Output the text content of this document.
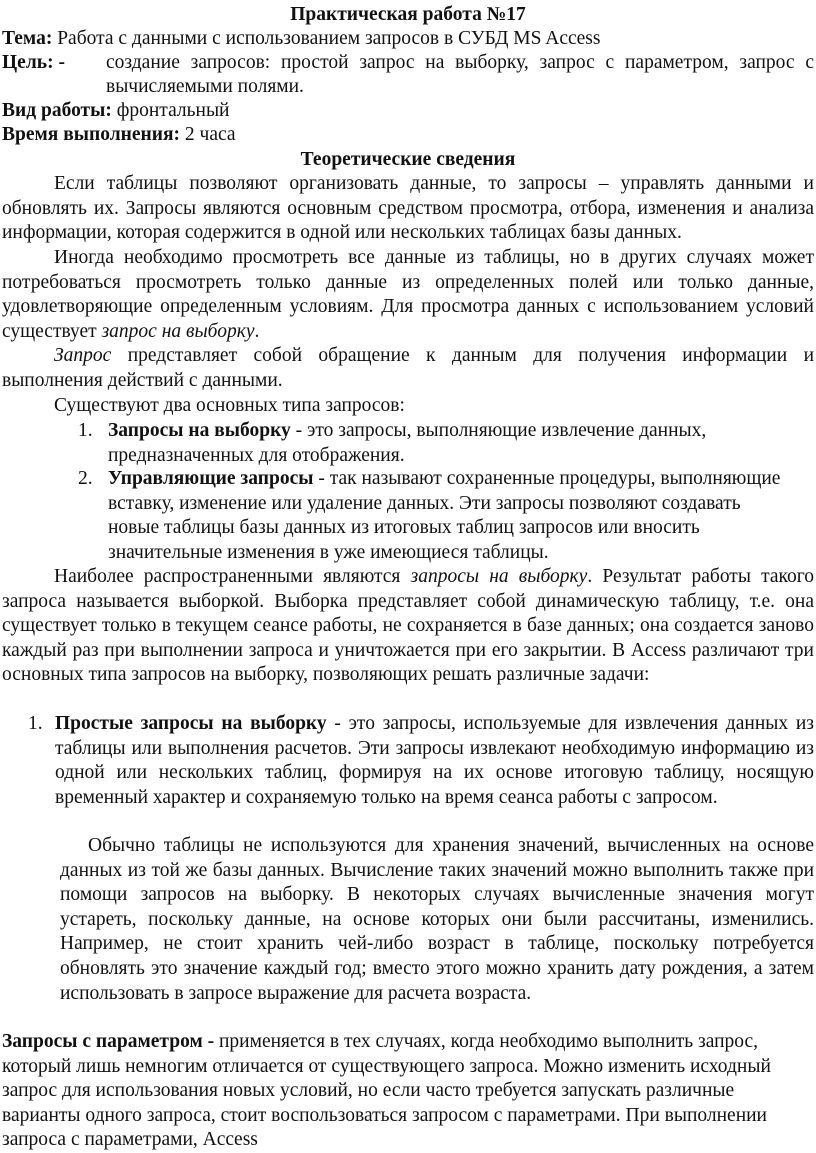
Практическая работа №17
Тема: Работа с данными с использованием запросов в СУБД MS Access
Цель: - создание запросов: простой запрос на выборку, запрос с параметром, запрос с вычисляемыми полями.
Вид работы: фронтальный
Время выполнения: 2 часа
Теоретические сведения
Если таблицы позволяют организовать данные, то запросы – управлять данными и обновлять их. Запросы являются основным средством просмотра, отбора, изменения и анализа информации, которая содержится в одной или нескольких таблицах базы данных.
Иногда необходимо просмотреть все данные из таблицы, но в других случаях может потребоваться просмотреть только данные из определенных полей или только данные, удовлетворяющие определенным условиям. Для просмотра данных с использованием условий существует запрос на выборку.
Запрос представляет собой обращение к данным для получения информации и выполнения действий с данными.
Существуют два основных типа запросов:
1. Запросы на выборку - это запросы, выполняющие извлечение данных, предназначенных для отображения.
2. Управляющие запросы - так называют сохраненные процедуры, выполняющие вставку, изменение или удаление данных. Эти запросы позволяют создавать новые таблицы базы данных из итоговых таблиц запросов или вносить значительные изменения в уже имеющиеся таблицы.
Наиболее распространенными являются запросы на выборку. Результат работы такого запроса называется выборкой. Выборка представляет собой динамическую таблицу, т.е. она существует только в текущем сеансе работы, не сохраняется в базе данных; она создается заново каждый раз при выполнении запроса и уничтожается при его закрытии. В Access различают три основных типа запросов на выборку, позволяющих решать различные задачи:
1. Простые запросы на выборку - это запросы, используемые для извлечения данных из таблицы или выполнения расчетов. Эти запросы извлекают необходимую информацию из одной или нескольких таблиц, формируя на их основе итоговую таблицу, носящую временный характер и сохраняемую только на время сеанса работы с запросом.
Обычно таблицы не используются для хранения значений, вычисленных на основе данных из той же базы данных. Вычисление таких значений можно выполнить также при помощи запросов на выборку. В некоторых случаях вычисленные значения могут устареть, поскольку данные, на основе которых они были рассчитаны, изменились. Например, не стоит хранить чей-либо возраст в таблице, поскольку потребуется обновлять это значение каждый год; вместо этого можно хранить дату рождения, а затем использовать в запросе выражение для расчета возраста.
Запросы с параметром - применяется в тех случаях, когда необходимо выполнить запрос, который лишь немногим отличается от существующего запроса. Можно изменить исходный запрос для использования новых условий, но если часто требуется запускать различные варианты одного запроса, стоит воспользоваться запросом с параметрами. При выполнении запроса с параметрами, Access
